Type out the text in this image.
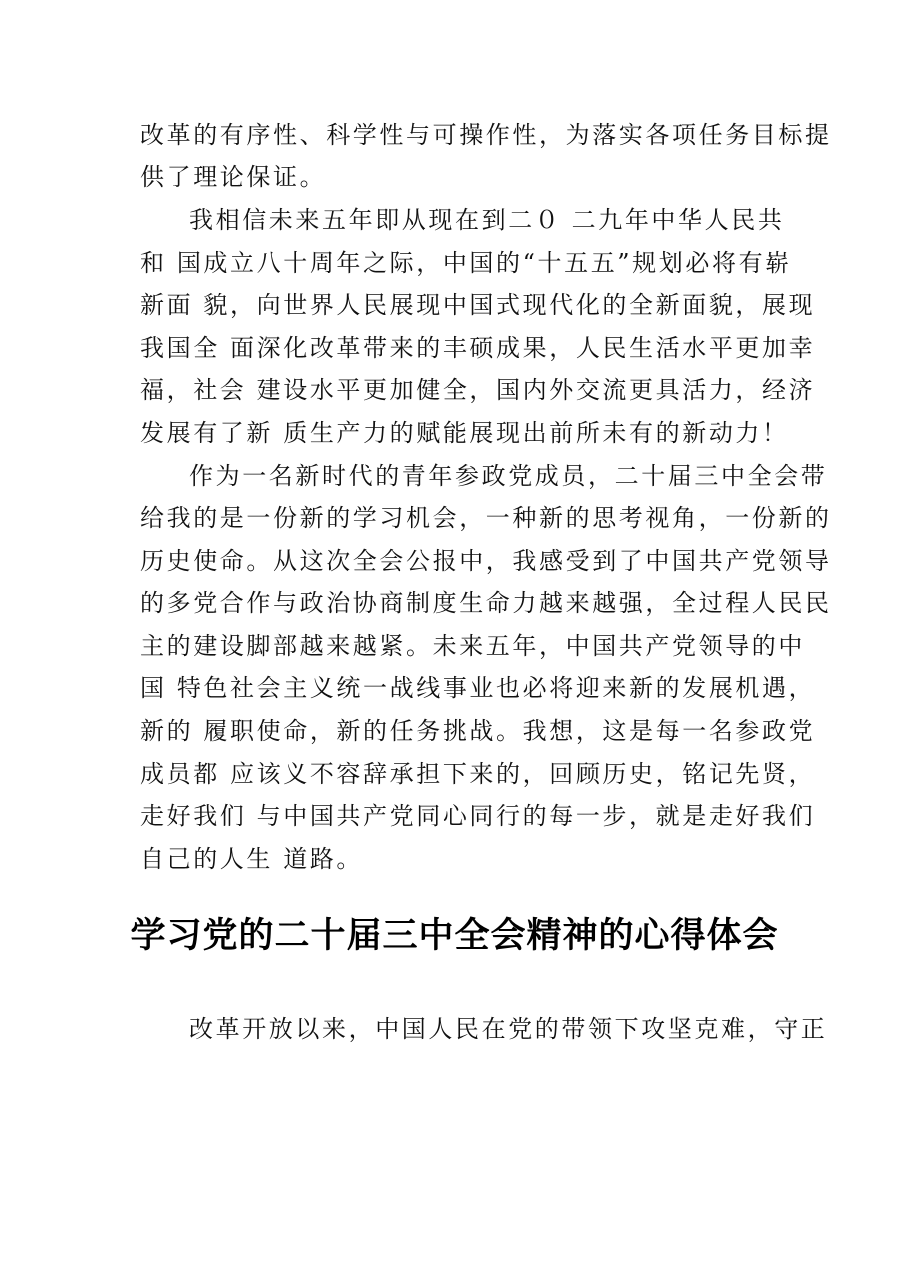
改革的有序性、科学性与可操作性，为落实各项任务目标提
供了理论保证。
我相信未来五年即从现在到二０ 二九年中华人民共
和 国成立八十周年之际，中国的“十五五”规划必将有崭
新面 貌，向世界人民展现中国式现代化的全新面貌，展现
我国全 面深化改革带来的丰硕成果，人民生活水平更加幸
福，社会 建设水平更加健全，国内外交流更具活力，经济
发展有了新 质生产力的赋能展现出前所未有的新动力！
作为一名新时代的青年参政党成员，二十届三中全会带
给我的是一份新的学习机会，一种新的思考视角，一份新的
历史使命。从这次全会公报中，我感受到了中国共产党领导
的多党合作与政治协商制度生命力越来越强，全过程人民民
主的建设脚部越来越紧。未来五年，中国共产党领导的中
国 特色社会主义统一战线事业也必将迎来新的发展机遇，
新的 履职使命，新的任务挑战。我想，这是每一名参政党
成员都 应该义不容辞承担下来的，回顾历史，铭记先贤，
走好我们 与中国共产党同心同行的每一步，就是走好我们
自己的人生 道路。
学习党的二十届三中全会精神的心得体会
改革开放以来，中国人民在党的带领下攻坚克难，守正
